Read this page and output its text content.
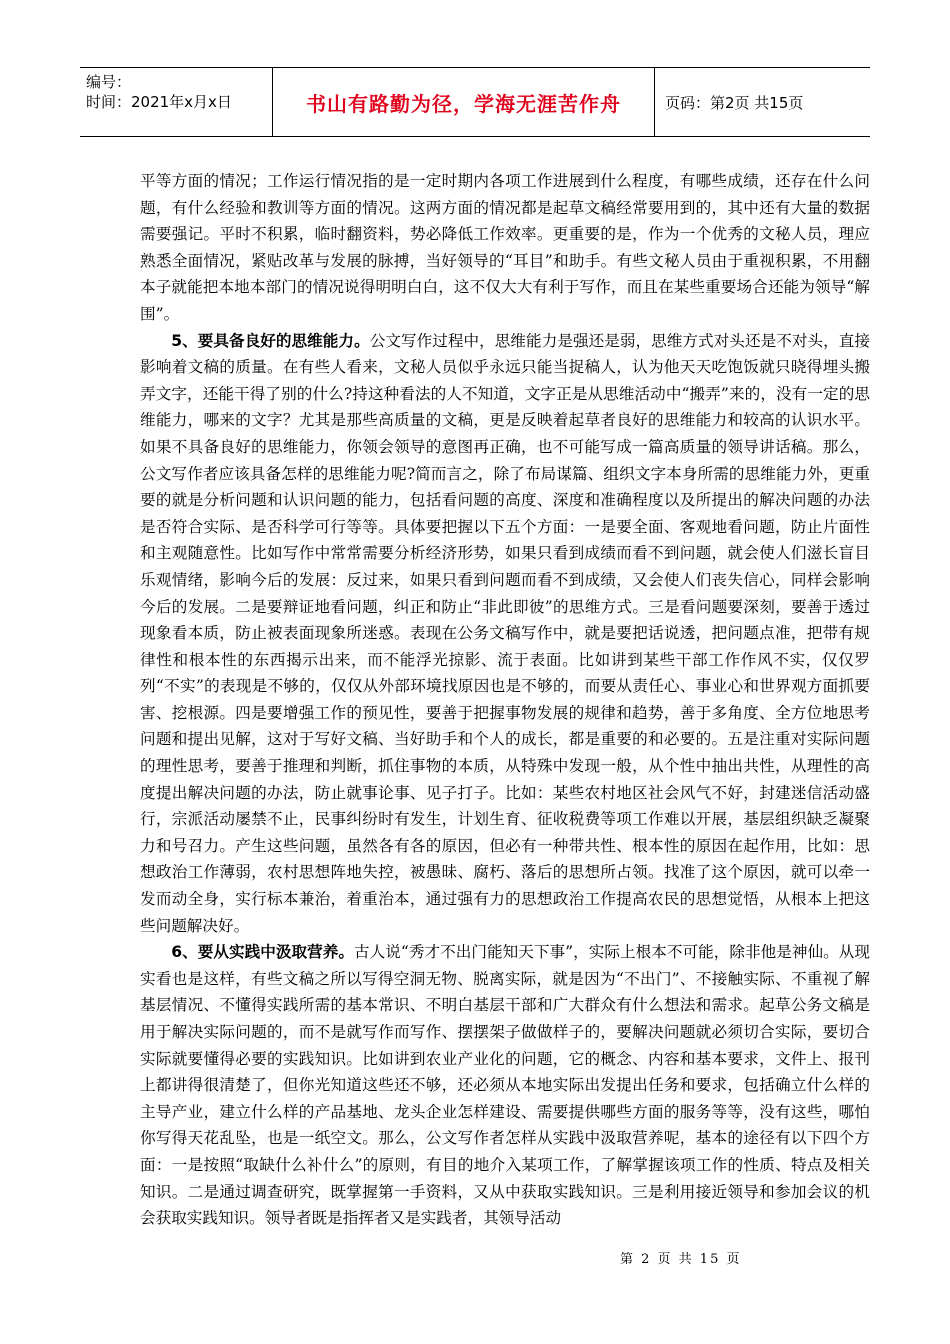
编号：
时间：2021年x月x日	书山有路勤为径，学海无涯苦作舟	页码：第2页 共15页

平等方面的情况；工作运行情况指的是一定时期内各项工作进展到什么程度，有哪些成绩，还存在什么问题，有什么经验和教训等方面的情况。这两方面的情况都是起草文稿经常要用到的，其中还有大量的数据需要强记。平时不积累，临时翻资料，势必降低工作效率。更重要的是，作为一个优秀的文秘人员，理应熟悉全面情况，紧贴改革与发展的脉搏，当好领导的“耳目”和助手。有些文秘人员由于重视积累，不用翻本子就能把本地本部门的情况说得明明白白，这不仅大大有利于写作，而且在某些重要场合还能为领导“解围”。

5、要具备良好的思维能力。公文写作过程中，思维能力是强还是弱，思维方式对头还是不对头，直接影响着文稿的质量。在有些人看来，文秘人员似乎永远只能当捉稿人，认为他天天吃饱饭就只晓得埋头搬弄文字，还能干得了别的什么?持这种看法的人不知道，文字正是从思维活动中“搬弄”来的，没有一定的思维能力，哪来的文字？尤其是那些高质量的文稿，更是反映着起草者良好的思维能力和较高的认识水平。如果不具备良好的思维能力，你领会领导的意图再正确，也不可能写成一篇高质量的领导讲话稿。那么，公文写作者应该具备怎样的思维能力呢?简而言之，除了布局谋篇、组织文字本身所需的思维能力外，更重要的就是分析问题和认识问题的能力，包括看问题的高度、深度和准确程度以及所提出的解决问题的办法是否符合实际、是否科学可行等等。具体要把握以下五个方面：一是要全面、客观地看问题，防止片面性和主观随意性。比如写作中常常需要分析经济形势，如果只看到成绩而看不到问题，就会使人们滋长盲目乐观情绪，影响今后的发展：反过来，如果只看到问题而看不到成绩，又会使人们丧失信心，同样会影响今后的发展。二是要辩证地看问题，纠正和防止“非此即彼”的思维方式。三是看问题要深刻，要善于透过现象看本质，防止被表面现象所迷惑。表现在公务文稿写作中，就是要把话说透，把问题点准，把带有规律性和根本性的东西揭示出来，而不能浮光掠影、流于表面。比如讲到某些干部工作作风不实，仅仅罗列“不实”的表现是不够的，仅仅从外部环境找原因也是不够的，而要从责任心、事业心和世界观方面抓要害、挖根源。四是要增强工作的预见性，要善于把握事物发展的规律和趋势，善于多角度、全方位地思考问题和提出见解，这对于写好文稿、当好助手和个人的成长，都是重要的和必要的。五是注重对实际问题的理性思考，要善于推理和判断，抓住事物的本质，从特殊中发现一般，从个性中抽出共性，从理性的高度提出解决问题的办法，防止就事论事、见子打子。比如：某些农村地区社会风气不好，封建迷信活动盛行，宗派活动屡禁不止，民事纠纷时有发生，计划生育、征收税费等项工作难以开展，基层组织缺乏凝聚力和号召力。产生这些问题，虽然各有各的原因，但必有一种带共性、根本性的原因在起作用，比如：思想政治工作薄弱，农村思想阵地失控，被愚昧、腐朽、落后的思想所占领。找准了这个原因，就可以牵一发而动全身，实行标本兼治，着重治本，通过强有力的思想政治工作提高农民的思想觉悟，从根本上把这些问题解决好。

6、要从实践中汲取营养。古人说“秀才不出门能知天下事”，实际上根本不可能，除非他是神仙。从现实看也是这样，有些文稿之所以写得空洞无物、脱离实际，就是因为“不出门”、不接触实际、不重视了解基层情况、不懂得实践所需的基本常识、不明白基层干部和广大群众有什么想法和需求。起草公务文稿是用于解决实际问题的，而不是就写作而写作、摆摆架子做做样子的，要解决问题就必须切合实际，要切合实际就要懂得必要的实践知识。比如讲到农业产业化的问题，它的概念、内容和基本要求，文件上、报刊上都讲得很清楚了，但你光知道这些还不够，还必须从本地实际出发提出任务和要求，包括确立什么样的主导产业，建立什么样的产品基地、龙头企业怎样建设、需要提供哪些方面的服务等等，没有这些，哪怕你写得天花乱坠，也是一纸空文。那么，公文写作者怎样从实践中汲取营养呢，基本的途径有以下四个方面：一是按照“取缺什么补什么”的原则，有目的地介入某项工作，了解掌握该项工作的性质、特点及相关知识。二是通过调查研究，既掌握第一手资料，又从中获取实践知识。三是利用接近领导和参加会议的机会获取实践知识。领导者既是指挥者又是实践者，其领导活动

第 2 页 共 15 页
